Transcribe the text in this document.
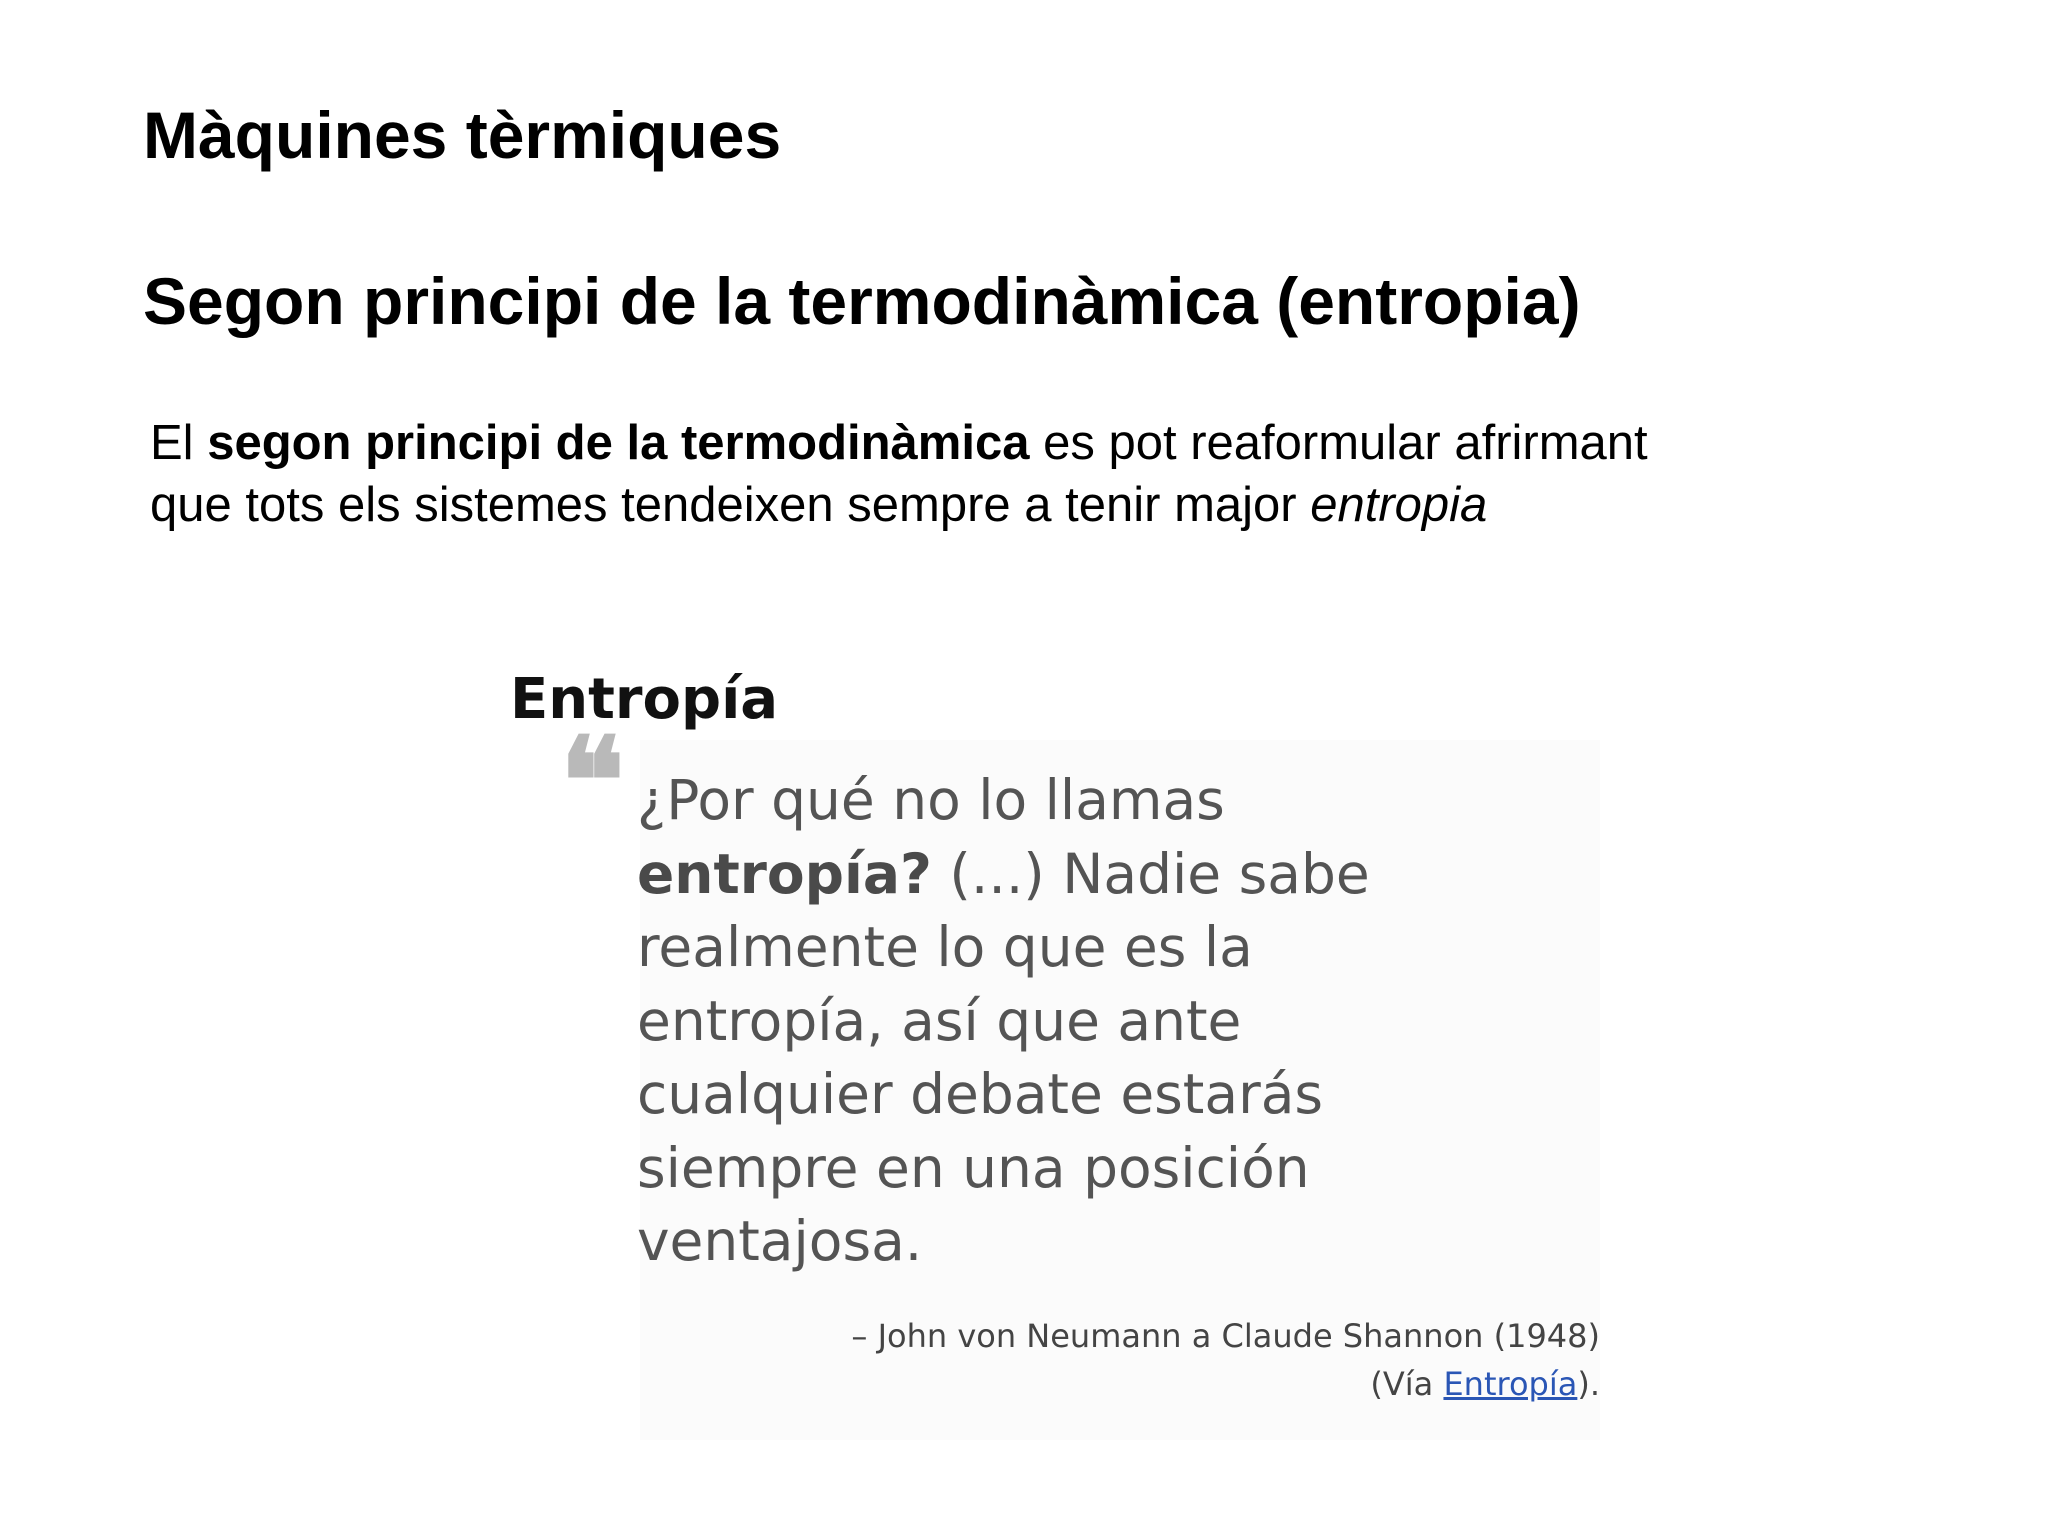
Màquines tèrmiques
Segon principi de la termodinàmica (entropia)
El segon principi de la termodinàmica es pot reaformular afrirmant
que tots els sistemes tendeixen sempre a tenir major entropia
Entropía
❝ ¿Por qué no lo llamas
entropía? (...) Nadie sabe
realmente lo que es la
entropía, así que ante
cualquier debate estarás
siempre en una posición
ventajosa.
– John von Neumann a Claude Shannon (1948)
(Vía Entropía).
